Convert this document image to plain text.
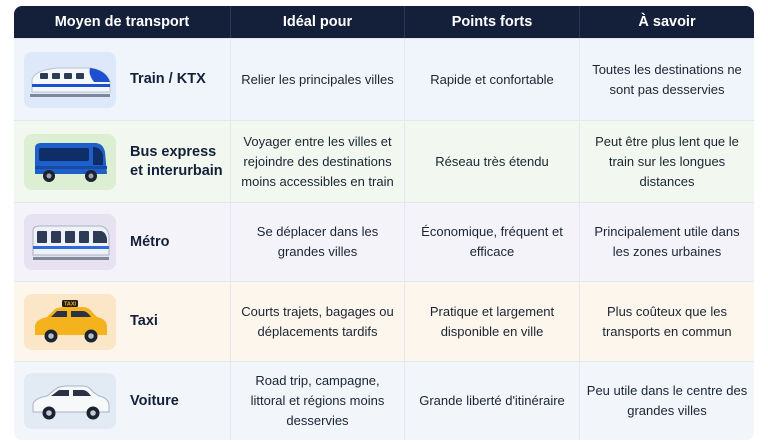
Moyen de transport	Idéal pour	Points forts	À savoir

Train / KTX	Relier les principales villes	Rapide et confortable	Toutes les destinations ne sont pas desservies

Bus express et interurbain	Voyager entre les villes et rejoindre des destinations moins accessibles en train	Réseau très étendu	Peut être plus lent que le train sur les longues distances

Métro	Se déplacer dans les grandes villes	Économique, fréquent et efficace	Principalement utile dans les zones urbaines

TAXI
Taxi	Courts trajets, bagages ou déplacements tardifs	Pratique et largement disponible en ville	Plus coûteux que les transports en commun

Voiture	Road trip, campagne, littoral et régions moins desservies	Grande liberté d'itinéraire	Peu utile dans le centre des grandes villes
